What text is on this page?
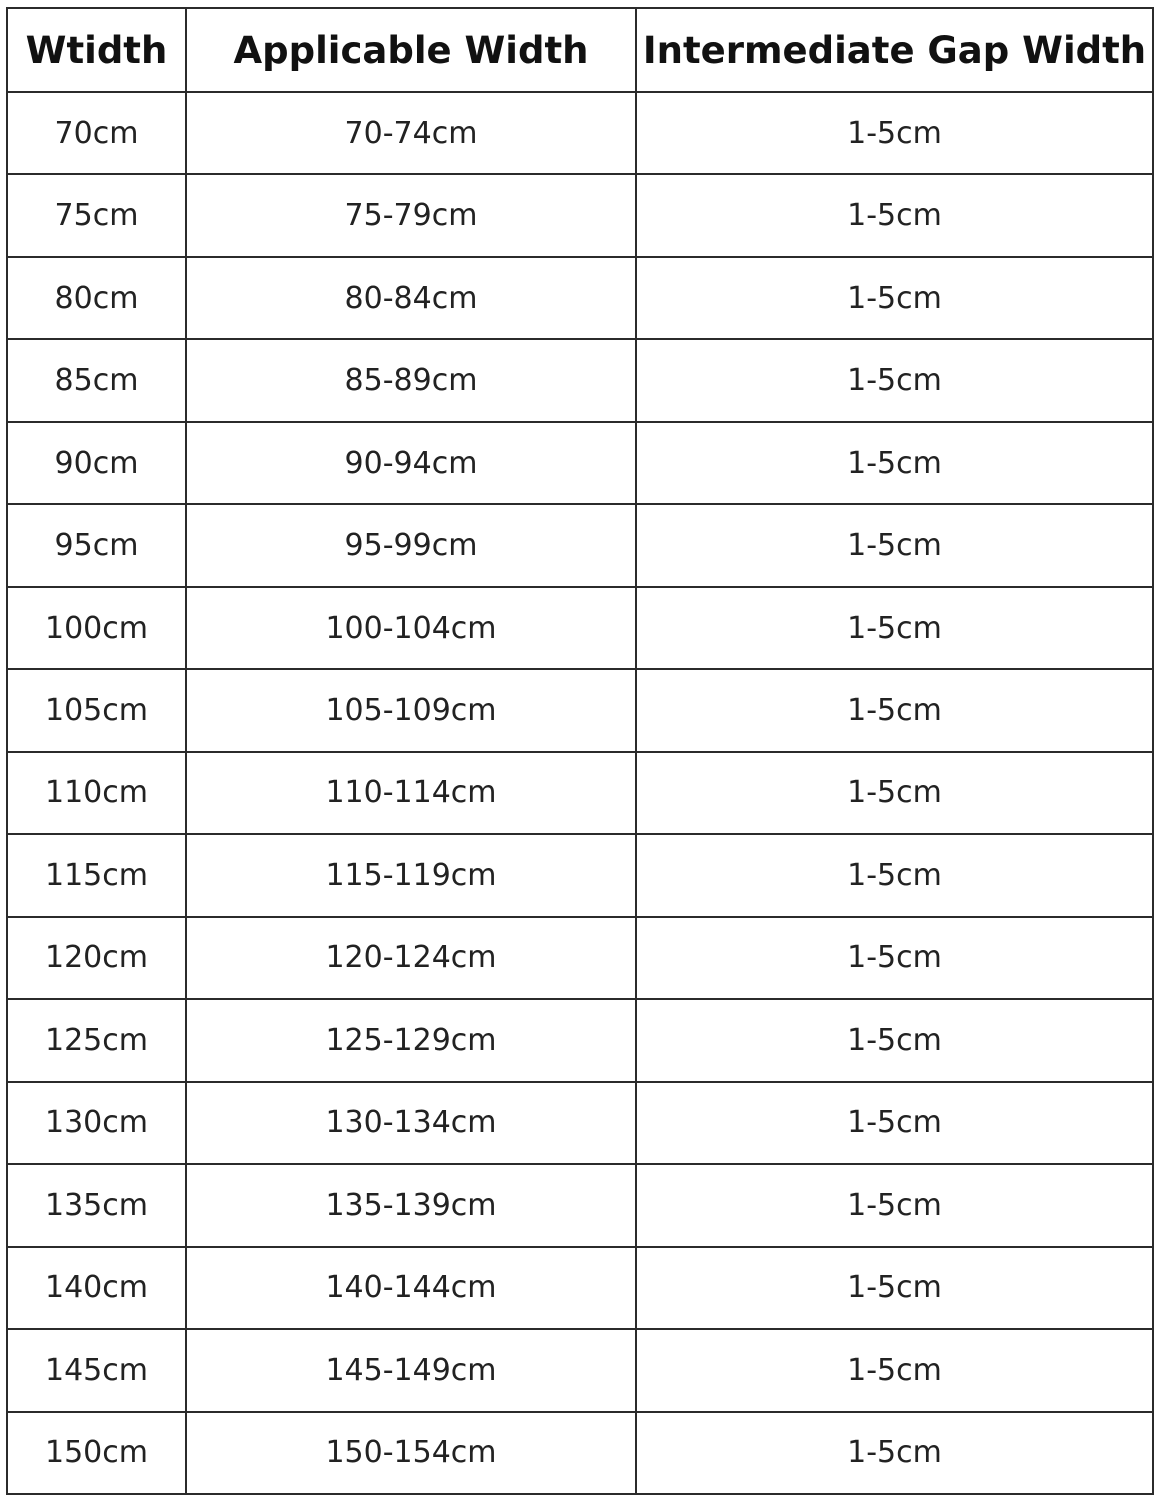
Wtidth	Applicable Width	Intermediate Gap Width
70cm	70-74cm	1-5cm
75cm	75-79cm	1-5cm
80cm	80-84cm	1-5cm
85cm	85-89cm	1-5cm
90cm	90-94cm	1-5cm
95cm	95-99cm	1-5cm
100cm	100-104cm	1-5cm
105cm	105-109cm	1-5cm
110cm	110-114cm	1-5cm
115cm	115-119cm	1-5cm
120cm	120-124cm	1-5cm
125cm	125-129cm	1-5cm
130cm	130-134cm	1-5cm
135cm	135-139cm	1-5cm
140cm	140-144cm	1-5cm
145cm	145-149cm	1-5cm
150cm	150-154cm	1-5cm
